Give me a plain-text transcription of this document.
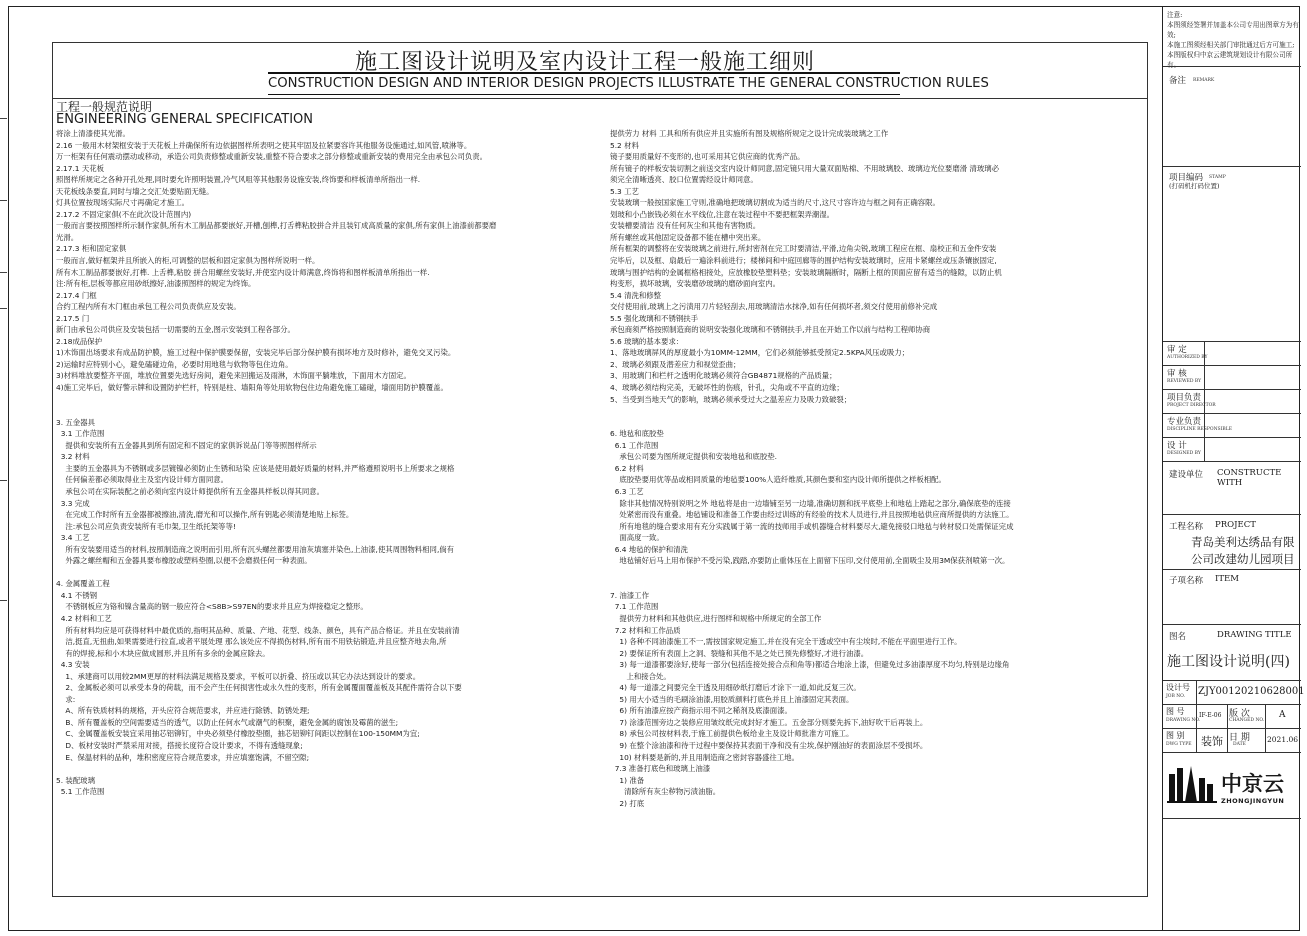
施工图设计说明及室内设计工程一般施工细则
CONSTRUCTION DESIGN AND INTERIOR DESIGN PROJECTS ILLUSTRATE THE GENERAL CONSTRUCTION RULES
工程一般规范说明
ENGINEERING GENERAL SPECIFICATION
将涂上清漆使其光滑。
2.16 一般用木材架框安装于天花板上并确保所有边依据图样所表明之使其牢固及拉紧要容许其他服务设施通过,如风管,喷淋等。
万一柜架有任何震动摆动或移动，承造公司负责修整或重新安装,重整不符合要求之部分修整或重新安装的费用完全由承包公司负责。
2.17.1 天花板
照图样所规定之各种开孔处理,同时要允许照明装置,冷气风咀等其他服务设施安装,终饰要和样板清单所指出一样.
天花板线条要直,同时与墙之交汇处要贴面无缝。
灯具位置按现场实际尺寸再确定才施工。
2.17.2 不固定家俱(不在此次设计范围内)
一般而言要按照图样所示制作家俱,所有木工制品都要嵌好,开槽,刨榫,打舌榫粘胶拼合并且装钉成高质量的家俱,所有家俱上油漆前都要磨
光滑。
2.17.3 柜和固定家俱
一般而言,做好框架并且所嵌入的柜,可调整的层板和固定家俱为图样所说明一样。
所有木工制品都要嵌好,打榫. 上舌榫,粘胶 拼合用螺丝安装好,并使室内设计师满意,终饰将和图样板清单所指出一样.
注:所有柜,层板等都应用砂纸擦好,油漆照图样的规定为终饰。
2.17.4 门框
合约工程内所有木门框由承包工程公司负责供应及安装。
2.17.5 门
新门由承包公司供应及安装包括一切需要的五金,图示安装到工程各部分。
2.18成品保护
1)木饰面出场要求有成品防护膜，施工过程中保护膜要保留，安装完毕后部分保护膜有损坏地方及时修补，避免交叉污染。
2)运输时应特别小心，避免磕碰边角，必要时用地毯与软物等包住边角。
3)材料堆放要整齐平面，堆放位置要先选好房间，避免来回搬运及雨淋，木饰面平躺堆放，下面用木方固定。
4)施工完毕后，做好警示牌和设置防护栏杆，特别是柱、墙阳角等处用软物包住边角避免施工磕碰，墙面用防护膜覆盖。
3. 五金器具
3.1 工作范围
提供和安装所有五金器具到所有固定和不固定的家俱诉说品门等等照图样所示
3.2 材料
主要的五金器具为不锈钢或多层镀镍必须防止生锈和玷染 应该是使用最好质量的材料,并严格遵照说明书上所要求之规格
任何偏差都必须取得业主及室内设计师方面同意。
承包公司在实际装配之前必须向室内设计师提供所有五金器具样板以得其同意。
3.3 完成
在完成工作时所有五金器都被擦油,清洗,磨光和可以操作,所有钥匙必须清楚地贴上标签。
注:承包公司应负责安装所有毛巾架,卫生纸托架等等!
3.4 工艺
所有安装要用适当的材料,按照制造商之说明而引用,所有沉头螺丝都要用油灰填塞并染色,上油漆,使其周围物料相同,倘有
外露之螺丝帽和五金器具要布橡胶或塑料垫圈,以便不会磨损任何一种表面。
4. 金属覆盖工程
4.1 不锈钢
不锈钢板应为铬和镍含量高的钢一般应符合<S8B>S97EN的要求并且应为焊接稳定之整形。
4.2 材料和工艺
所有材料均应是可获得材料中最优质的,指明其品种、质量、产地、花型、线条、颜色，具有产品合格证。并且在安装前清
洁,挺直,无扭曲,如果需要进行拉直,或者平展处理 那么该处应不得损伤材料,所有而不用铁钻锻造,并且应整齐地去角,所
有的焊接,标和小木块应做成圆形,并且所有多余的金属应除去。
4.3 安装
1、承建商可以用较2MM更厚的材料法满足规格及要求，平板可以折叠、挤压或以其它办法达到设计的要求。
2、金属板必须可以承受本身的荷载，而不会产生任何损害性或永久性的变形，所有金属覆面覆盖板及其配件需符合以下要
求:
A、所有铁质材料的规格，开头应符合规范要求，并应进行除锈、防锈处理;
B、所有覆盖板的空间需要适当的透气，以防止任何水气或潮气的积聚，避免金属的腐蚀及霉菌的滋生;
C、金属覆盖板安装宜采用抽芯铝铆钉，中央必须垫付橡胶垫圈，抽芯铝铆钉间距以控制在100-150MM为宜;
D、板材安装时严禁采用对接，搭接长度符合设计要求，不得有透缝现象;
E、保温材料的品种，堆积密度应符合规范要求，并应填塞饱满，不留空隙;
5. 装配玻璃
5.1 工作范围
提供劳力 材料 工具和所有供应并且实施所有图及规格所规定之设计完成装玻璃之工作
5.2 材料
镜子要用质量好不变形的,也可采用其它供应商的优秀产品。
所有镜子的样板安装切割之前送交室内设计师同意,固定镜只用大量双面贴棉、不用玻璃胶、玻璃边光位要磨滑 清玻璃必
须完全清晰透亮、胶口位置需经设计师同意。
5.3 工艺
安装玻璃一般按国家施工守则,准确地把玻璃切割成为适当的尺寸,这尺寸容许边与框之间有正确容限。
划玻和小凸嵌钱必须在水平线位,注意在装过程中不要把框架弄潮湿。
安装槽要清洁 没有任何灰尘和其他有害物质。
所有螺丝或其他固定设备都不能在槽中突出来。
所有框架的调整将在安装玻璃之前进行,所封密剂在完工时要清洁,平滑,边角尖锐,玻璃工程应在框、扇校正和五金件安装
完毕后，以及框、扇最后一遍涂料前进行；楼梯间和中庭回廊等的围护结构安装玻璃时，应用卡紧螺丝或压条镶嵌固定,
玻璃与围护结构的金属框格相接处，应放橡胶垫塑料垫；安装玻璃隔断时，隔断上框的顶面应留有适当的缝隙，以防止机
构变形，损坏玻璃，安装磨砂玻璃的磨砂面向室内。
5.4 清洗和修整
交付使用前,玻璃上之污渍用刀片轻轻刮去,用玻璃清洁水抹净,如有任何损坏者,须交付使用前修补完成
5.5 强化玻璃和不锈钢扶手
承包商须严格按照制造商的说明安装强化玻璃和不锈钢扶手,并且在开始工作以前与结构工程师协商
5.6 玻璃的基本要求：
1、落地玻璃屏风的厚度最小为10MM-12MM，它们必须能够抵受预定2.5KPA风压或吸力；
2、玻璃必须跟及潜差应力和视觉歪曲；
3、用玻璃门和栏杆之透明化玻璃必须符合GB4871规格的产品质量；
4、玻璃必须结构完美，无破坏性的伤痕，针孔，尖角或不平直的边缘；
5、当受到当地天气的影响，玻璃必须承受过大之温差应力及吸力致破裂；
6. 地毡和底胶垫
6.1 工作范围
承包公司要为图所规定提供和安装地毡和底胶垫.
6.2 材料
底胶垫要用优等品或相同质量的地毡要100%人造纤维质,其颜色要和室内设计师所提供之样板相配。
6.3 工艺
除非其他情况特别说明之外 地毡将是由一边墙铺至另一边墙,准确切割和抚平底垫上和地毡上踏起之部分,确保底垫的连接
处紧密而没有重叠。地毡铺设和准备工作要由经过训练的有经验的技术人员进行,并且按照地毡供应商所提供的方法施工。
所有地毯的缝合要求用有充分实践属于第一流的技师用手或机器缝合材料要尽大,避免接驳口地毡与转材驳口处需保证完成
面高度一致。
6.4 地毡的保护和清洗
地毡铺好后马上用布保护不受污染,践踏,亦要防止重体压在上面留下压印,交付使用前,全面吸尘及用3M保获剂喷第一次。
7. 油漆工作
7.1 工作范围
提供劳力材料和其他供应,进行图样和规格中所规定的全部工作
7.2 材料和工作品质
1) 各种不同油漆施工不一,需按国家规定施工,并在没有完全干透或空中有尘埃时,不能在平面里进行工作。
2) 要保证所有表面上之洞、裂缝和其他不是之处已预先修整好,才进行油漆。
3) 每一道漆都要涂好,使每一部分(包括连接处接合点和角等)都适合地涂上漆，但避免过多油漆厚度不均匀,特别是边缘角
上和接合处。
4) 每一道漆之间要完全干透及用细砂纸打磨后才涂下一道,如此反复三次。
5) 用大小适当的毛刷涂油漆,用胶质颜料打底色并且上油漆固定其表面。
6) 所有油漆应按产商指示用不同之稀剂及底漆面漆。
7) 涂漆范围旁边之装修应用皱纹纸完成封好才施工。五金部分则要先拆下,油好吹干后再装上。
8) 承包公司按材料表,于施工前提供色板给业主及设计师批准方可施工。
9) 在整个涂油漆和待干过程中要保持其表面干净和没有尘埃,保护刚油好的表面涂层不受损坏。
10) 材料要是新的,并且用制造商之密封容器盛往工地。
7.3 准备打底色和玻璃上油漆
1) 准备
清除所有灰尘秽物污渍油脂。
2) 打底
注意:
本图须经签署并加盖本公司专用出图章方为有效;
本施工图须经相关部门审批通过后方可施工;
本图版权归中京云建筑规划设计有限公司所有。
备注 REMARK
项目编码 STAMP
(打码机打码位置)
审 定
AUTHORIZED BY
审 核
REVIEWED BY
项目负责
PROJECT DIRECTOR
专业负责
DISCIPLINE RESPONSIBLE
设 计
DESIGNED BY
建设单位 CONSTRUCTE WITH
工程名称 PROJECT
青岛美利达绣品有限
公司改建幼儿园项目
子项名称 ITEM
图名	DRAWING TITLE
施工图设计说明(四)
设计号
JOB NO. ZJY00120210628001
图 号
DRAWING NO.
IF-E-06 版 次
CHANGED NO.
A
图 别
DWG TYPE 装饰 日 期
DATE
2021.06
中京云
ZHONGJINGYUN
